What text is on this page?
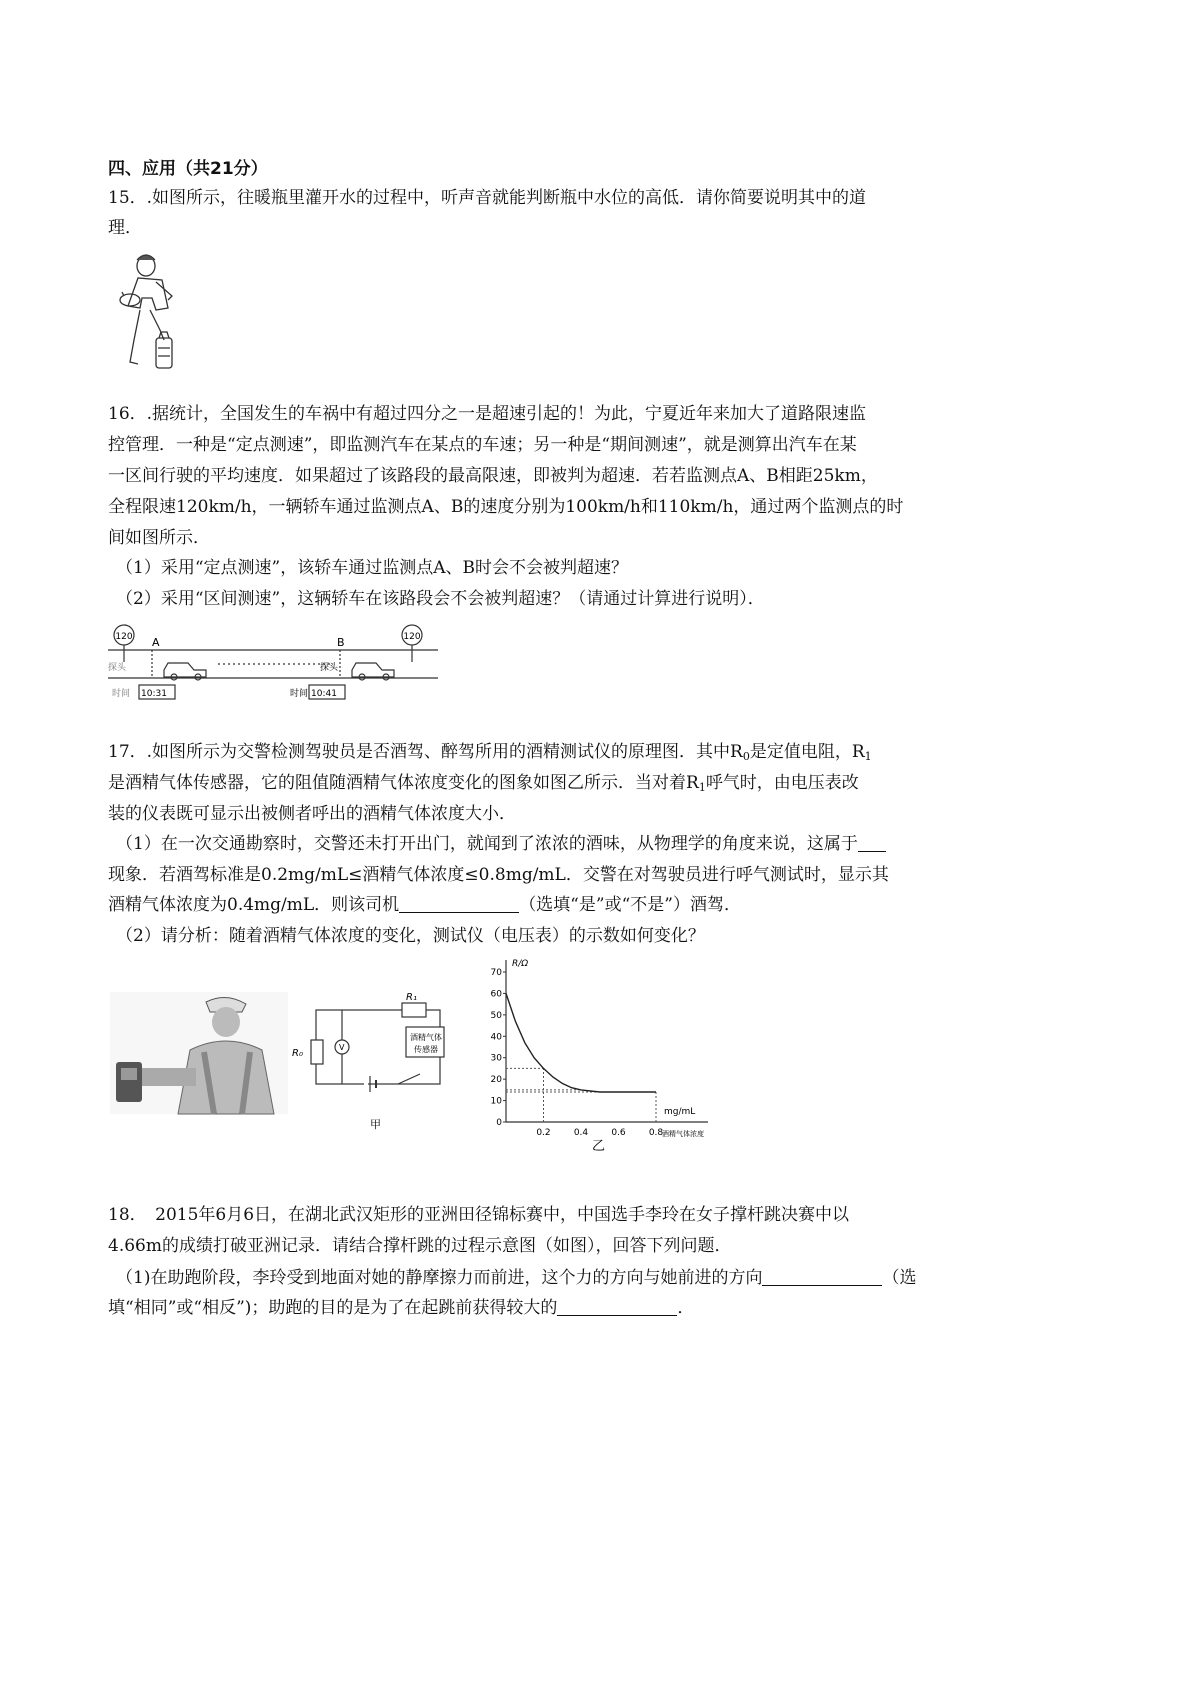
四、应用（共21分）
15．.如图所示，往暖瓶里灌开水的过程中，听声音就能判断瓶中水位的高低．请你简要说明其中的道
理．
16．.据统计，全国发生的车祸中有超过四分之一是超速引起的！为此，宁夏近年来加大了道路限速监
控管理．一种是“定点测速”，即监测汽车在某点的车速；另一种是“期间测速”，就是测算出汽车在某
一区间行驶的平均速度．如果超过了该路段的最高限速，即被判为超速．若若监测点A、B相距25km，
全程限速120km/h，一辆轿车通过监测点A、B的速度分别为100km/h和110km/h，通过两个监测点的时
间如图所示．
（1）采用“定点测速”，该轿车通过监测点A、B时会不会被判超速？
（2）采用“区间测速”，这辆轿车在该路段会不会被判超速？（请通过计算进行说明）．
120	120
A	B
探头	探头
时间 10:31	时间 10:41
17．.如图所示为交警检测驾驶员是否酒驾、醉驾所用的酒精测试仪的原理图．其中$R_0$是定值电阻，$R_1$
是酒精气体传感器，它的阻值随酒精气体浓度变化的图象如图乙所示．当对着$R_1$呼气时，由电压表改
装的仪表既可显示出被侧者呼出的酒精气体浓度大小．
（1）在一次交通勘察时，交警还未打开出门，就闻到了浓浓的酒味，从物理学的角度来说，这属于
现象．若酒驾标准是0.2mg/mL≤酒精气体浓度≤0.8mg/mL．交警在对驾驶员进行呼气测试时，显示其
酒精气体浓度为0.4mg/mL．则该司机	（选填“是”或“不是”）酒驾．
（2）请分析：随着酒精气体浓度的变化，测试仪（电压表）的示数如何变化？
R₁
酒精气体
传感器
R₀
V
甲	0
10
20
30
40
50
60
70
0.2	0.4	0.6	0.8
R/Ω
mg/mL
酒精气体浓度
乙
18．　2015年6月6日，在湖北武汉矩形的亚洲田径锦标赛中，中国选手李玲在女子撑杆跳决赛中以
4.66m的成绩打破亚洲记录．请结合撑杆跳的过程示意图（如图），回答下列问题．
（1)在助跑阶段，李玲受到地面对她的静摩擦力而前进，这个力的方向与她前进的方向	（选
填“相同”或“相反”)；助跑的目的是为了在起跳前获得较大的	．
